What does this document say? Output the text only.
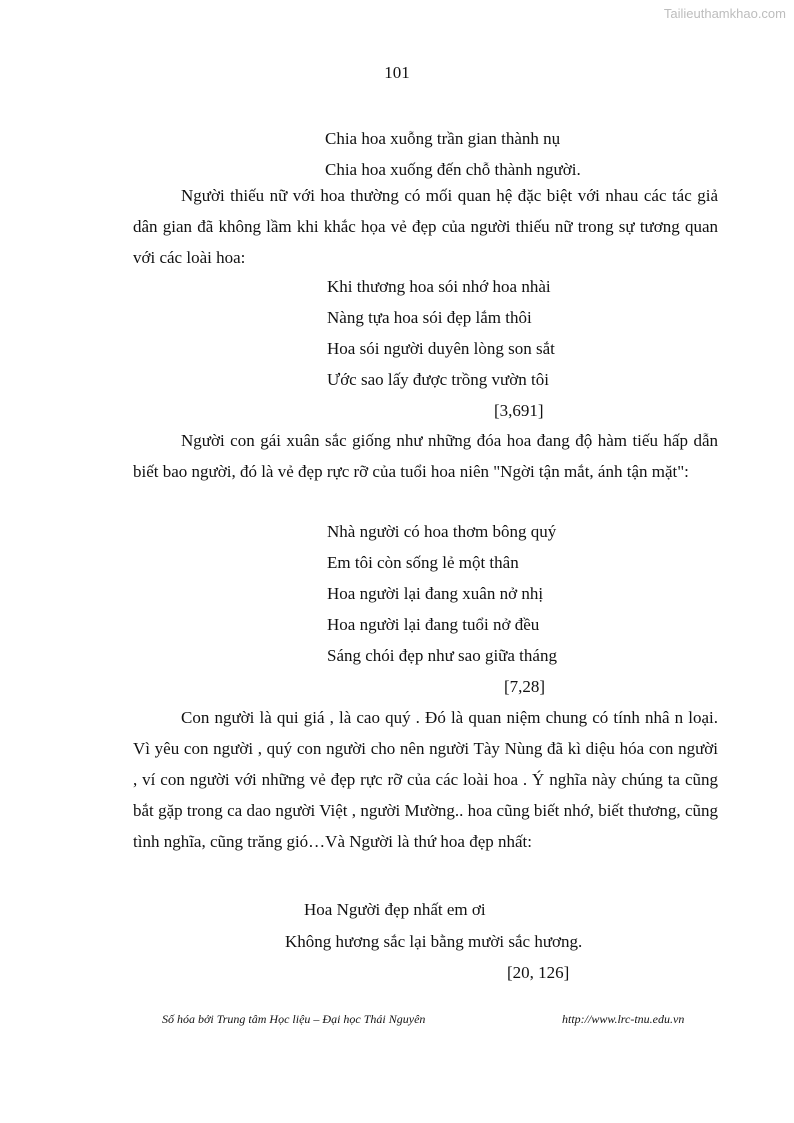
Tailieuthamkhao.com
101
Chia hoa xuỗng trần gian thành nụ
Chia hoa xuống đến chỗ thành người.
Người thiếu nữ với hoa thường có mối quan hệ đặc biệt với nhau các tác giả dân gian đã không lầm khi khắc họa vẻ đẹp của người thiếu nữ trong sự tương quan với các loài hoa:
Khi thương hoa sói nhớ hoa nhài
Nàng tựa hoa sói đẹp lắm thôi
Hoa sói người duyên lòng son sắt
Ước sao lấy được trồng vườn tôi
[3,691]
Người con gái xuân sắc giống như những đóa hoa đang độ hàm tiếu hấp dẫn biết bao người, đó là vẻ đẹp rực rỡ của tuổi hoa niên "Ngời tận mắt, ánh tận mặt":
Nhà người có hoa thơm bông quý
Em tôi còn sống lẻ một thân
Hoa người lại đang xuân nở nhị
Hoa người lại đang tuổi nở đều
Sáng chói đẹp như sao giữa tháng
[7,28]
Con người là qui giá , là cao quý . Đó là quan niệm chung có tính nhâ n loại. Vì yêu con người , quý con người cho nên người Tày Nùng đã kì diệu hóa con người , ví con người với những vẻ đẹp rực rỡ của các loài hoa . Ý nghĩa này chúng ta cũng bắt gặp trong ca dao người Việt , người Mường.. hoa cũng biết nhớ, biết thương, cũng tình nghĩa, cũng trăng gió…Và Người là thứ hoa đẹp nhất:
Hoa Người đẹp nhất em ơi
Không hương sắc lại bằng mười sắc hương.
[20, 126]
Số hóa bởi Trung tâm Học liệu – Đại học Thái Nguyên	http://www.lrc-tnu.edu.vn
